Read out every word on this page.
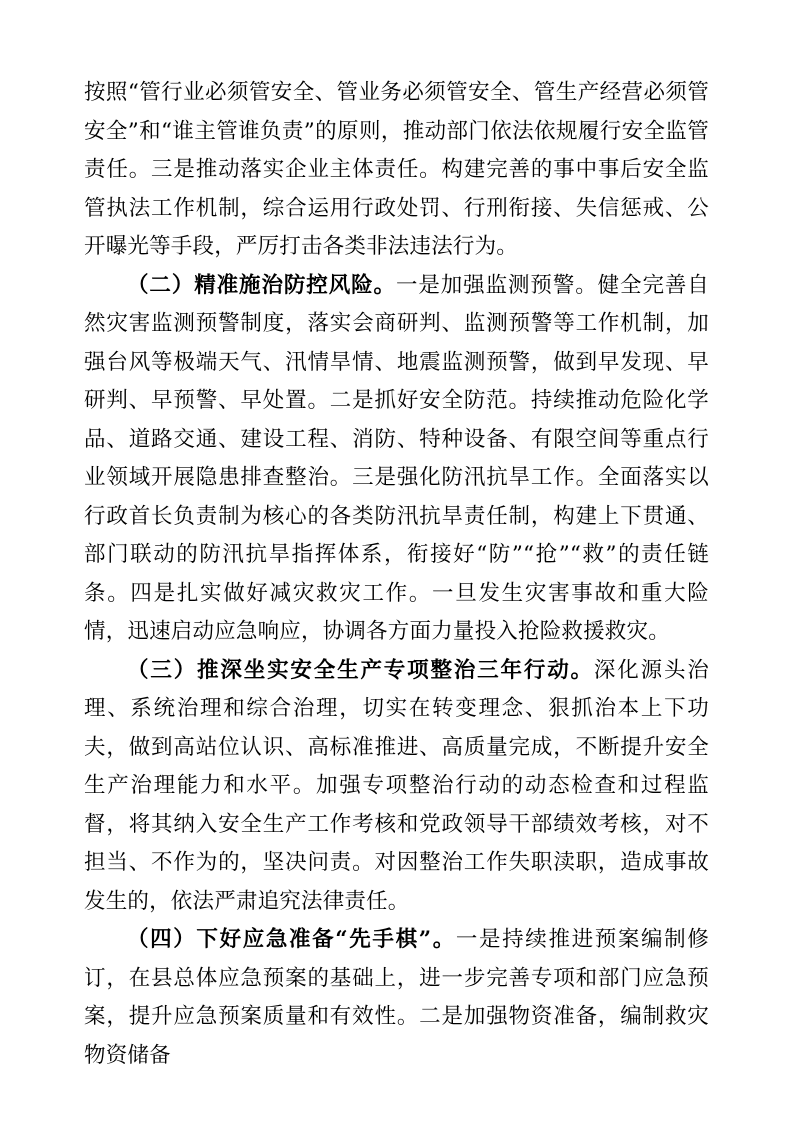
按照“管行业必须管安全、管业务必须管安全、管生产经营必须管安全”和“谁主管谁负责”的原则，推动部门依法依规履行安全监管责任。三是推动落实企业主体责任。构建完善的事中事后安全监管执法工作机制，综合运用行政处罚、行刑衔接、失信惩戒、公开曝光等手段，严厉打击各类非法违法行为。

（二）精准施治防控风险。一是加强监测预警。健全完善自然灾害监测预警制度，落实会商研判、监测预警等工作机制，加强台风等极端天气、汛情旱情、地震监测预警，做到早发现、早研判、早预警、早处置。二是抓好安全防范。持续推动危险化学品、道路交通、建设工程、消防、特种设备、有限空间等重点行业领域开展隐患排查整治。三是强化防汛抗旱工作。全面落实以行政首长负责制为核心的各类防汛抗旱责任制，构建上下贯通、部门联动的防汛抗旱指挥体系，衔接好“防”“抢”“救”的责任链条。四是扎实做好减灾救灾工作。一旦发生灾害事故和重大险情，迅速启动应急响应，协调各方面力量投入抢险救援救灾。

（三）推深坐实安全生产专项整治三年行动。深化源头治理、系统治理和综合治理，切实在转变理念、狠抓治本上下功夫，做到高站位认识、高标准推进、高质量完成，不断提升安全生产治理能力和水平。加强专项整治行动的动态检查和过程监督，将其纳入安全生产工作考核和党政领导干部绩效考核，对不担当、不作为的，坚决问责。对因整治工作失职渎职，造成事故发生的，依法严肃追究法律责任。

（四）下好应急准备“先手棋”。一是持续推进预案编制修订，在县总体应急预案的基础上，进一步完善专项和部门应急预案，提升应急预案质量和有效性。二是加强物资准备，编制救灾物资储备
